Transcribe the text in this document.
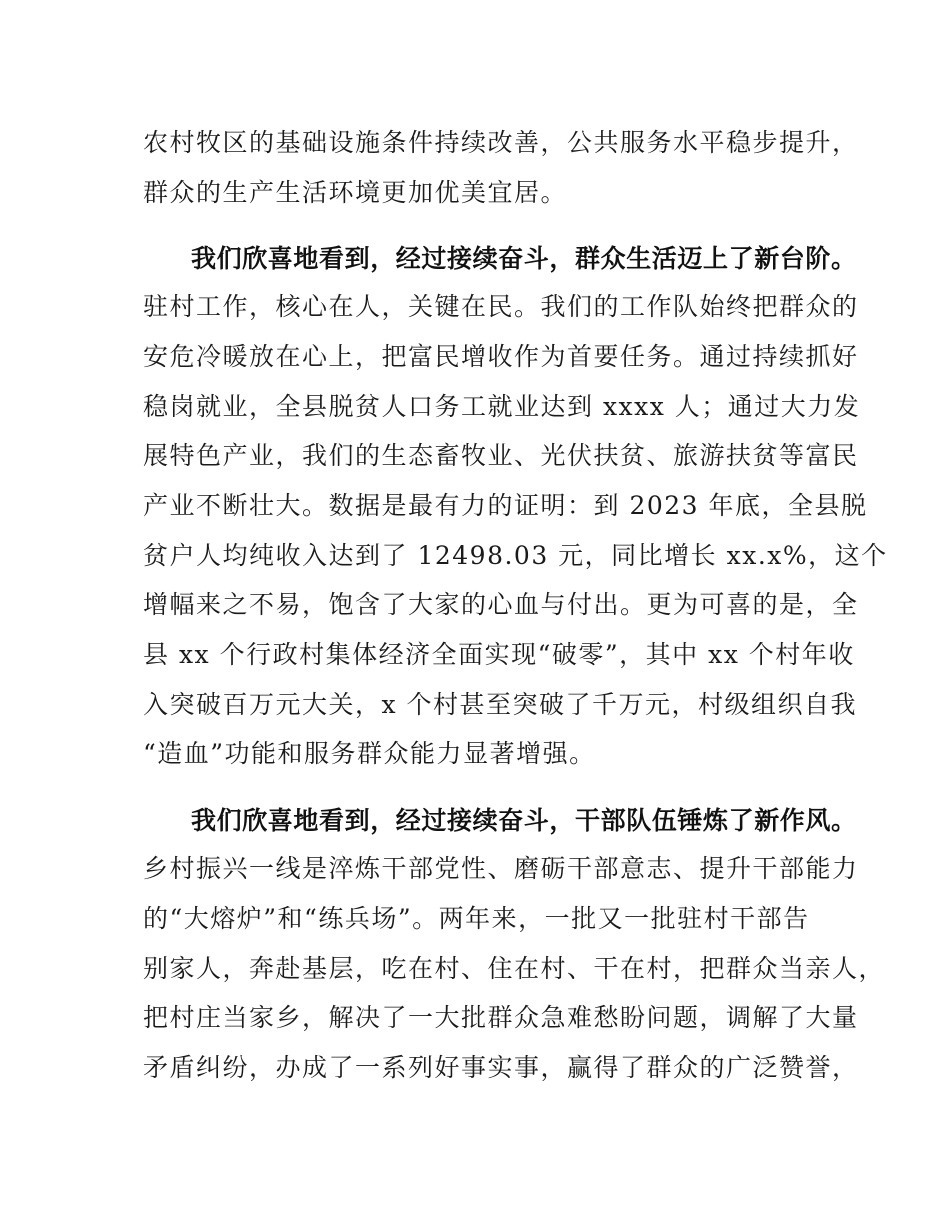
农村牧区的基础设施条件持续改善，公共服务水平稳步提升，
群众的生产生活环境更加优美宜居。
我们欣喜地看到，经过接续奋斗，群众生活迈上了新台阶。
驻村工作，核心在人，关键在民。我们的工作队始终把群众的
安危冷暖放在心上，把富民增收作为首要任务。通过持续抓好
稳岗就业，全县脱贫人口务工就业达到 xxxx 人；通过大力发
展特色产业，我们的生态畜牧业、光伏扶贫、旅游扶贫等富民
产业不断壮大。数据是最有力的证明：到 2023 年底，全县脱
贫户人均纯收入达到了 12498.03 元，同比增长 xx.x%，这个
增幅来之不易，饱含了大家的心血与付出。更为可喜的是，全
县 xx 个行政村集体经济全面实现“破零”，其中 xx 个村年收
入突破百万元大关，x 个村甚至突破了千万元，村级组织自我
“造血”功能和服务群众能力显著增强。
我们欣喜地看到，经过接续奋斗，干部队伍锤炼了新作风。
乡村振兴一线是淬炼干部党性、磨砺干部意志、提升干部能力
的“大熔炉”和“练兵场”。两年来，一批又一批驻村干部告
别家人，奔赴基层，吃在村、住在村、干在村，把群众当亲人，
把村庄当家乡，解决了一大批群众急难愁盼问题，调解了大量
矛盾纠纷，办成了一系列好事实事，赢得了群众的广泛赞誉，
